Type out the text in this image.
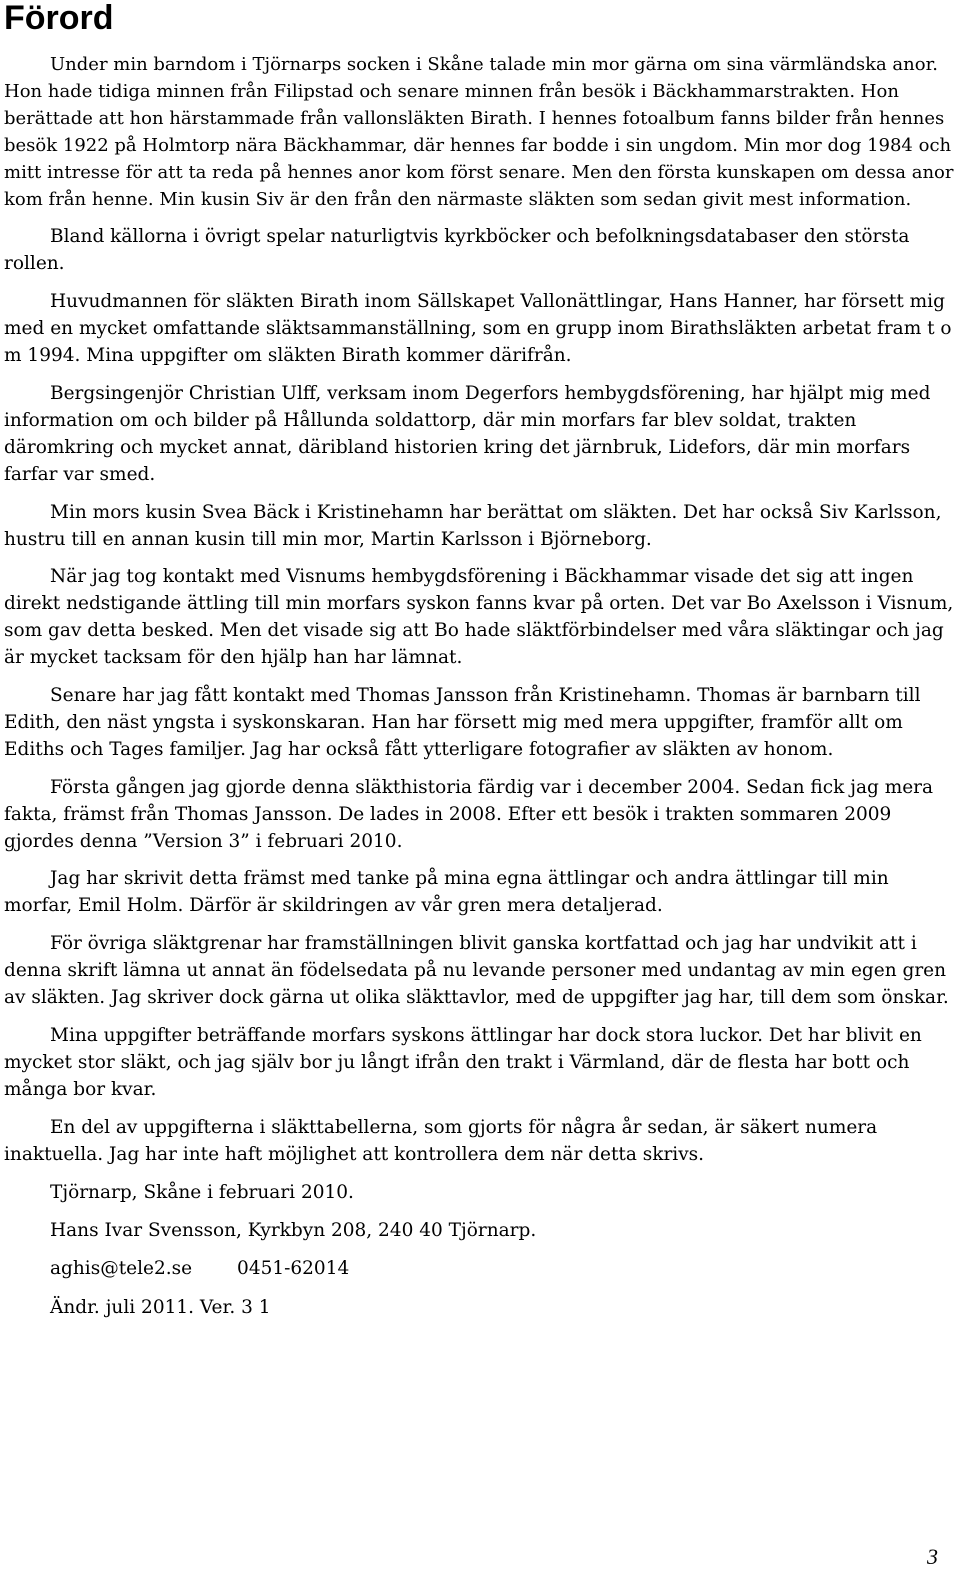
Förord

Under min barndom i Tjörnarps socken i Skåne talade min mor gärna om sina värmländska anor. Hon hade tidiga minnen från Filipstad och senare minnen från besök i Bäckhammarstrakten. Hon berättade att hon härstammade från vallonsläkten Birath. I hennes fotoalbum fanns bilder från hennes besök 1922 på Holmtorp nära Bäckhammar, där hennes far bodde i sin ungdom. Min mor dog 1984 och mitt intresse för att ta reda på hennes anor kom först senare. Men den första kunskapen om dessa anor kom från henne. Min kusin Siv är den från den närmaste släkten som sedan givit mest information.

Bland källorna i övrigt spelar naturligtvis kyrkböcker och befolkningsdatabaser den största rollen.

Huvudmannen för släkten Birath inom Sällskapet Vallonättlingar, Hans Hanner, har försett mig med en mycket omfattande släktsammanställning, som en grupp inom Birathsläkten arbetat fram t o m 1994. Mina uppgifter om släkten Birath kommer därifrån.

Bergsingenjör Christian Ulff, verksam inom Degerfors hembygdsförening, har hjälpt mig med information om och bilder på Hållunda soldattorp, där min morfars far blev soldat, trakten däromkring och mycket annat, däribland historien kring det järnbruk, Lidefors, där min morfars farfar var smed.

Min mors kusin Svea Bäck i Kristinehamn har berättat om släkten. Det har också Siv Karlsson, hustru till en annan kusin till min mor, Martin Karlsson i Björneborg.

När jag tog kontakt med Visnums hembygdsförening i Bäckhammar visade det sig att ingen direkt nedstigande ättling till min morfars syskon fanns kvar på orten. Det var Bo Axelsson i Visnum, som gav detta besked. Men det visade sig att Bo hade släktförbindelser med våra släktingar och jag är mycket tacksam för den hjälp han har lämnat.

Senare har jag fått kontakt med Thomas Jansson från Kristinehamn. Thomas är barnbarn till Edith, den näst yngsta i syskonskaran. Han har försett mig med mera uppgifter, framför allt om Ediths och Tages familjer. Jag har också fått ytterligare fotografier av släkten av honom.

Första gången jag gjorde denna släkthistoria färdig var i december 2004. Sedan fick jag mera fakta, främst från Thomas Jansson. De lades in 2008. Efter ett besök i trakten sommaren 2009 gjordes denna ”Version 3” i februari 2010.

Jag har skrivit detta främst med tanke på mina egna ättlingar och andra ättlingar till min morfar, Emil Holm. Därför är skildringen av vår gren mera detaljerad.

För övriga släktgrenar har framställningen blivit ganska kortfattad och jag har undvikit att i denna skrift lämna ut annat än födelsedata på nu levande personer med undantag av min egen gren av släkten. Jag skriver dock gärna ut olika släkttavlor, med de uppgifter jag har, till dem som önskar.

Mina uppgifter beträffande morfars syskons ättlingar har dock stora luckor. Det har blivit en mycket stor släkt, och jag själv bor ju långt ifrån den trakt i Värmland, där de flesta har bott och många bor kvar.

En del av uppgifterna i släkttabellerna, som gjorts för några år sedan, är säkert numera inaktuella. Jag har inte haft möjlighet att kontrollera dem när detta skrivs.

Tjörnarp, Skåne i februari 2010.

Hans Ivar Svensson, Kyrkbyn 208, 240 40 Tjörnarp.

aghis@tele2.se 0451-62014

Ändr. juli 2011. Ver. 3 1

3
